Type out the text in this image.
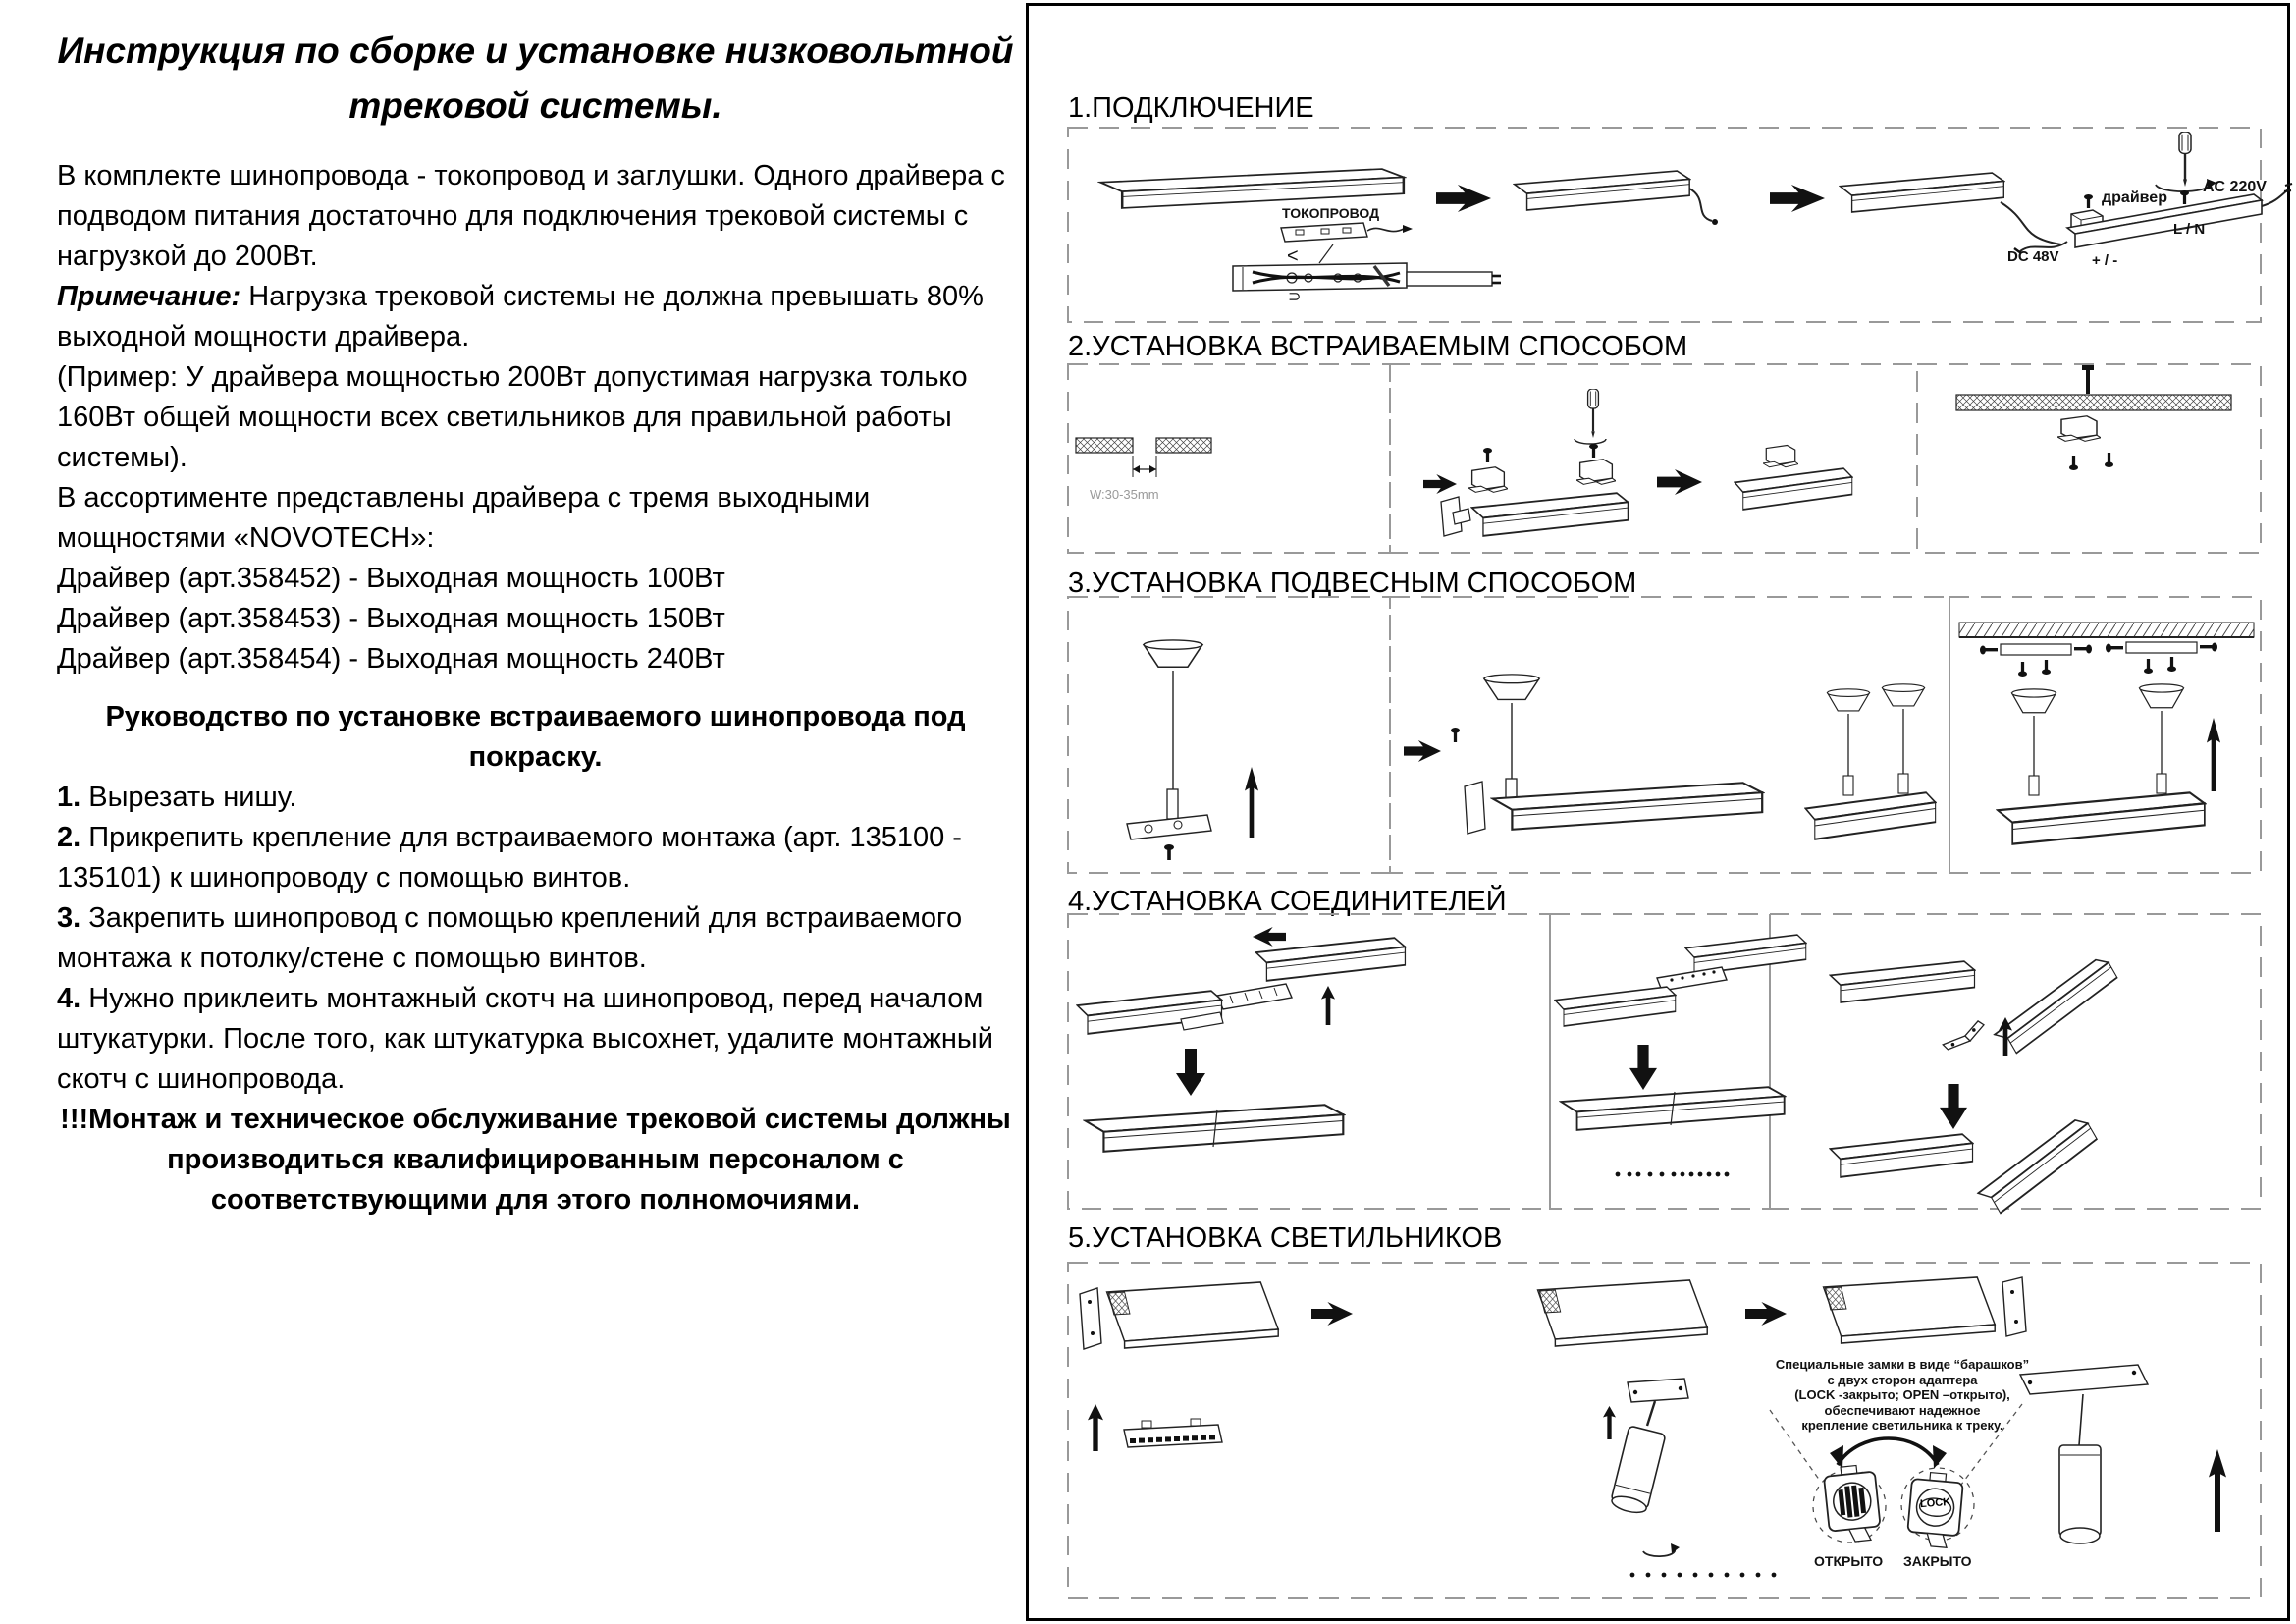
Инструкция по сборке и установке низковольтной трековой системы.

В комплекте шинопровода - токопровод и заглушки. Одного драйвера с подводом питания достаточно для подключения трековой системы с нагрузкой до 200Вт.

Примечание: Нагрузка трековой системы не должна превышать 80% выходной мощности драйвера.

(Пример: У драйвера мощностью 200Вт допустимая нагрузка только 160Вт общей мощности всех светильников для правильной работы системы).

В ассортименте представлены драйвера с тремя выходными мощностями «NOVOTECH»:

Драйвер (арт.358452) - Выходная мощность 100Вт

Драйвер (арт.358453) - Выходная мощность 150Вт

Драйвер (арт.358454) - Выходная мощность 240Вт

Руководство по установке встраиваемого шинопровода под покраску.

1. Вырезать нишу.

2. Прикрепить крепление для встраиваемого монтажа (арт. 135100 - 135101) к шинопроводу с помощью винтов.

3. Закрепить шинопровод с помощью креплений для встраиваемого монтажа к потолку/стене с помощью винтов.

4. Нужно приклеить монтажный скотч на шинопровод, перед началом штукатурки. После того, как штукатурка высохнет, удалите монтажный скотч с шинопровода.

!!!Монтаж и техническое обслуживание трековой системы должны производиться квалифицированным персоналом с соответствующими для этого полномочиями.

1.ПОДКЛЮЧЕНИЕ
2.УСТАНОВКА ВСТРАИВАЕМЫМ СПОСОБОМ
3.УСТАНОВКА ПОДВЕСНЫМ СПОСОБОМ
4.УСТАНОВКА СОЕДИНИТЕЛЕЙ
5.УСТАНОВКА СВЕТИЛЬНИКОВ
ТОКОПРОВОД
<
⊃
драйвер
AC 220V
L / N
DC 48V + / -
W:30-35mm
Специальные замки в виде “барашков”
с двух сторон адаптера
(LOCK -закрыто; OPEN –открыто),
обеспечивают надежное
крепление светильника к треку.
LOCK
ОТКРЫТО ЗАКРЫТО
